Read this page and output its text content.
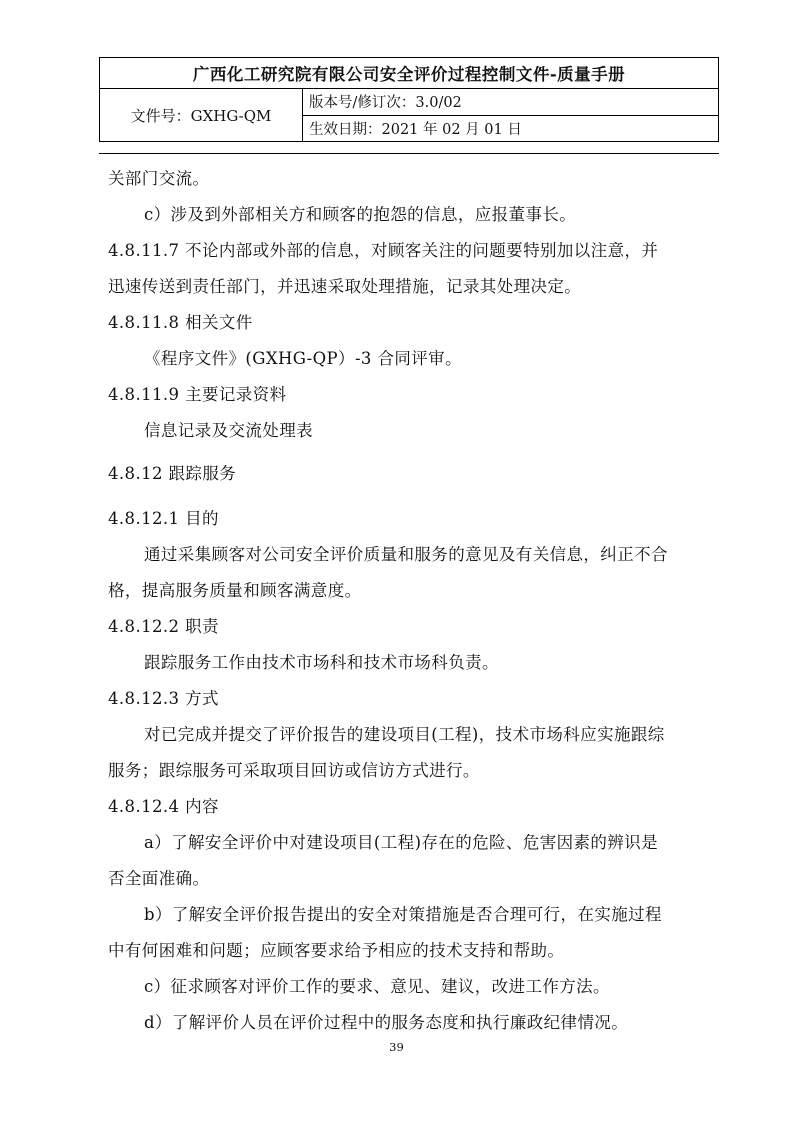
广西化工研究院有限公司安全评价过程控制文件-质量手册
文件号：GXHG-QM	版本号/修订次：3.0/02
生效日期：2021 年 02 月 01 日
关部门交流。
c）涉及到外部相关方和顾客的抱怨的信息，应报董事长。
4.8.11.7 不论内部或外部的信息，对顾客关注的问题要特别加以注意，并
迅速传送到责任部门，并迅速采取处理措施，记录其处理决定。
4.8.11.8 相关文件
《程序文件》(GXHG-QP）-3 合同评审。
4.8.11.9 主要记录资料
信息记录及交流处理表
4.8.12 跟踪服务
4.8.12.1 目的
通过采集顾客对公司安全评价质量和服务的意见及有关信息，纠正不合
格，提高服务质量和顾客满意度。
4.8.12.2 职责
跟踪服务工作由技术市场科和技术市场科负责。
4.8.12.3 方式
对已完成并提交了评价报告的建设项目(工程)，技术市场科应实施跟综
服务；跟综服务可采取项目回访或信访方式进行。
4.8.12.4 内容
a）了解安全评价中对建设项目(工程)存在的危险、危害因素的辨识是
否全面准确。
b）了解安全评价报告提出的安全对策措施是否合理可行，在实施过程
中有何困难和问题；应顾客要求给予相应的技术支持和帮助。
c）征求顾客对评价工作的要求、意见、建议，改进工作方法。
d）了解评价人员在评价过程中的服务态度和执行廉政纪律情况。
39
